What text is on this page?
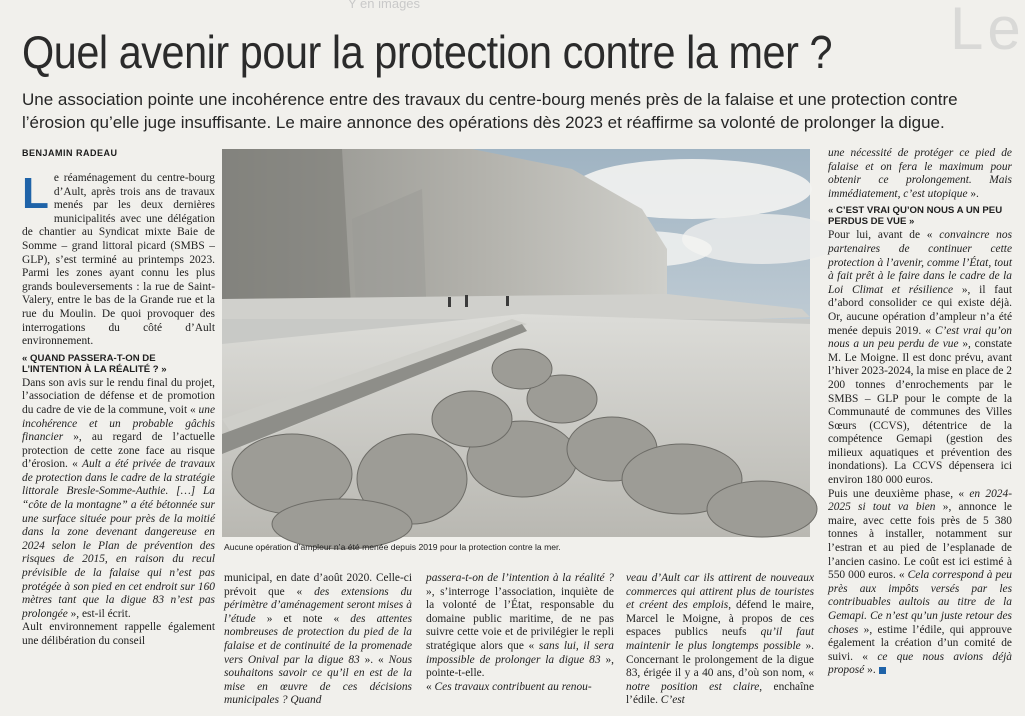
Y en images	Le
Quel avenir pour la protection contre la mer ?
Une association pointe une incohérence entre des travaux du centre-bourg menés près de la falaise et une protection contre l’érosion qu’elle juge insuffisante. Le maire annonce des opérations dès 2023 et réaffirme sa volonté de prolonger la digue.
BENJAMIN RADEAU

Le réaménagement du centre-bourg d’Ault, après trois ans de travaux menés par les deux dernières municipalités avec une délégation de chantier au Syndicat mixte Baie de Somme – grand littoral picard (SMBS – GLP), s’est terminé au printemps 2023. Parmi les zones ayant connu les plus grands bouleversements : la rue de Saint-Valery, entre le bas de la Grande rue et la rue du Moulin. De quoi provoquer des interrogations du côté d’Ault environnement.

« QUAND PASSERA-T-ON DE L’INTENTION À LA RÉALITÉ ? »

Dans son avis sur le rendu final du projet, l’association de défense et de promotion du cadre de vie de la commune, voit « une incohérence et un probable gâchis financier », au regard de l’actuelle protection de cette zone face au risque d’érosion. « Ault a été privée de travaux de protection dans le cadre de la stratégie littorale Bresle-Somme-Authie. […] La “côte de la montagne” a été bétonnée sur une surface située pour près de la moitié dans la zone devenant dangereuse en 2024 selon le Plan de prévention des risques de 2015, en raison du recul prévisible de la falaise qui n’est pas protégée à son pied en cet endroit sur 160 mètres tant que la digue 83 n’est pas prolongée », est-il écrit.

Ault environnement rappelle également une délibération du conseil

Aucune opération d’ampleur n’a été menée depuis 2019 pour la protection contre la mer.

municipal, en date d’août 2020. Celle-ci prévoit que « des extensions du périmètre d’aménagement seront mises à l’étude » et note « des attentes nombreuses de protection du pied de la falaise et de continuité de la promenade vers Onival par la digue 83 ». « Nous souhaitons savoir ce qu’il en est de la mise en œuvre de ces décisions municipales ? Quand

passera-t-on de l’intention à la réalité ? », s’interroge l’association, inquiète de la volonté de l’État, responsable du domaine public maritime, de ne pas suivre cette voie et de privilégier le repli stratégique alors que « sans lui, il sera impossible de prolonger la digue 83 », pointe-t-elle.

« Ces travaux contribuent au renou-

veau d’Ault car ils attirent de nouveaux commerces qui attirent plus de touristes et créent des emplois, défend le maire, Marcel le Moigne, à propos de ces espaces publics neufs qu’il faut maintenir le plus longtemps possible ». Concernant le prolongement de la digue 83, érigée il y a 40 ans, d’où son nom, « notre position est claire, enchaîne l’édile. C’est

une nécessité de protéger ce pied de falaise et on fera le maximum pour obtenir ce prolongement. Mais immédiatement, c’est utopique ».

« C’EST VRAI QU’ON NOUS A UN PEU PERDUS DE VUE »

Pour lui, avant de « convaincre nos partenaires de continuer cette protection à l’avenir, comme l’État, tout à fait prêt à le faire dans le cadre de la Loi Climat et résilience », il faut d’abord consolider ce qui existe déjà. Or, aucune opération d’ampleur n’a été menée depuis 2019. « C’est vrai qu’on nous a un peu perdu de vue », constate M. Le Moigne. Il est donc prévu, avant l’hiver 2023-2024, la mise en place de 2 200 tonnes d’enrochements par le SMBS – GLP pour le compte de la Communauté de communes des Villes Sœurs (CCVS), détentrice de la compétence Gemapi (gestion des milieux aquatiques et prévention des inondations). La CCVS dépensera ici environ 180 000 euros.

Puis une deuxième phase, « en 2024-2025 si tout va bien », annonce le maire, avec cette fois près de 5 380 tonnes à installer, notamment sur l’estran et au pied de l’esplanade de l’ancien casino. Le coût est ici estimé à 550 000 euros. « Cela correspond à peu près aux impôts versés par les contribuables aultois au titre de la Gemapi. Ce n’est qu’un juste retour des choses », estime l’édile, qui approuve également la création d’un comité de suivi. « ce que nous avions déjà proposé ».
